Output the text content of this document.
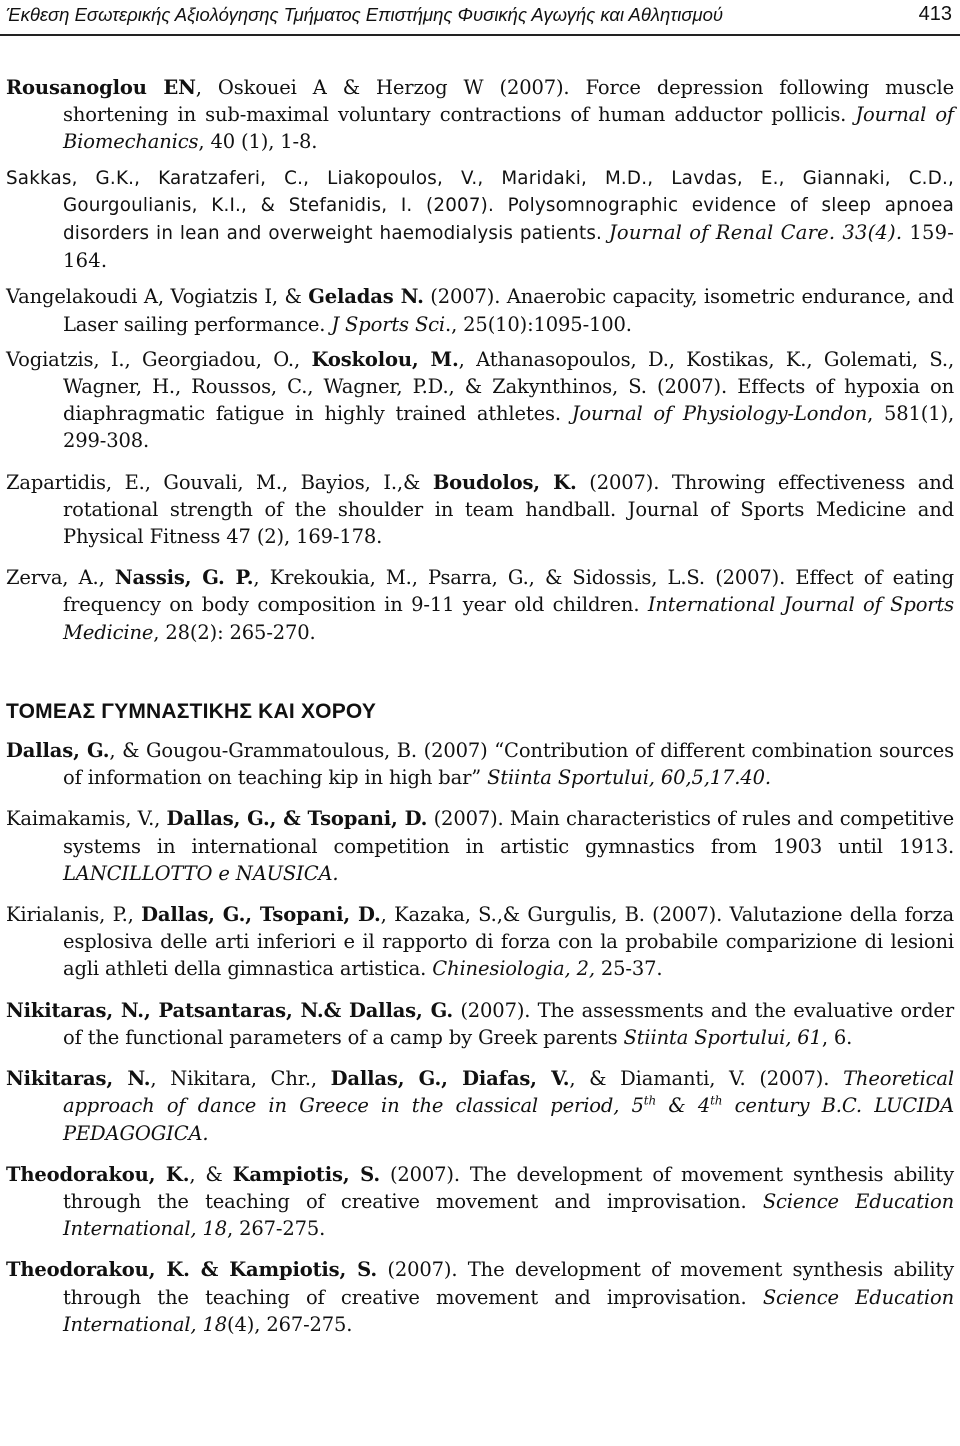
Έκθεση Εσωτερικής Αξιολόγησης Τμήματος Επιστήμης Φυσικής Αγωγής και Αθλητισμού	413

Rousanoglou EN, Oskouei A & Herzog W (2007). Force depression following muscle shortening in sub-maximal voluntary contractions of human adductor pollicis. Journal of Biomechanics, 40 (1), 1-8.

Sakkas, G.K., Karatzaferi, C., Liakopoulos, V., Maridaki, M.D., Lavdas, E., Giannaki, C.D., Gourgoulianis, K.I., & Stefanidis, I. (2007). Polysomnographic evidence of sleep apnoea disorders in lean and overweight haemodialysis patients. Journal of Renal Care. 33(4). 159-164.

Vangelakoudi A, Vogiatzis I, & Geladas N. (2007). Anaerobic capacity, isometric endurance, and Laser sailing performance. J Sports Sci., 25(10):1095-100.

Vogiatzis, I., Georgiadou, O., Koskolou, M., Athanasopoulos, D., Kostikas, K., Golemati, S., Wagner, H., Roussos, C., Wagner, P.D., & Zakynthinos, S. (2007). Effects of hypoxia on diaphragmatic fatigue in highly trained athletes. Journal of Physiology-London, 581(1), 299-308.

Zapartidis, E., Gouvali, M., Bayios, I.,& Boudolos, K. (2007). Throwing effectiveness and rotational strength of the shoulder in team handball. Journal of Sports Medicine and Physical Fitness 47 (2), 169-178.

Zerva, A., Nassis, G. P., Krekoukia, M., Psarra, G., & Sidossis, L.S. (2007). Effect of eating frequency on body composition in 9-11 year old children. International Journal of Sports Medicine, 28(2): 265-270.

ΤΟΜΕΑΣ ΓΥΜΝΑΣΤΙΚΗΣ ΚΑΙ ΧΟΡΟΥ

Dallas, G., & Gougou-Grammatoulous, B. (2007) “Contribution of different combination sources of information on teaching kip in high bar” Stiinta Sportului, 60,5,17.40.

Kaimakamis, V., Dallas, G., & Tsopani, D. (2007). Main characteristics of rules and competitive systems in international competition in artistic gymnastics from 1903 until 1913. LANCILLOTTO e NAUSICA.

Kirialanis, P., Dallas, G., Tsopani, D., Kazaka, S.,& Gurgulis, B. (2007). Valutazione della forza esplosiva delle arti inferiori e il rapporto di forza con la probabile comparizione di lesioni agli athleti della gimnastica artistica. Chinesiologia, 2, 25-37.

Nikitaras, N., Patsantaras, N.& Dallas, G. (2007). The assessments and the evaluative order of the functional parameters of a camp by Greek parents Stiinta Sportului, 61, 6.

Nikitaras, N., Nikitara, Chr., Dallas, G., Diafas, V., & Diamanti, V. (2007). Theoretical approach of dance in Greece in the classical period, 5th & 4th century B.C. LUCIDA PEDAGOGICA.

Theodorakou, K., & Kampiotis, S. (2007). The development of movement synthesis ability through the teaching of creative movement and improvisation. Science Education International, 18, 267-275.

Theodorakou, K. & Kampiotis, S. (2007). The development of movement synthesis ability through the teaching of creative movement and improvisation. Science Education International, 18(4), 267-275.
